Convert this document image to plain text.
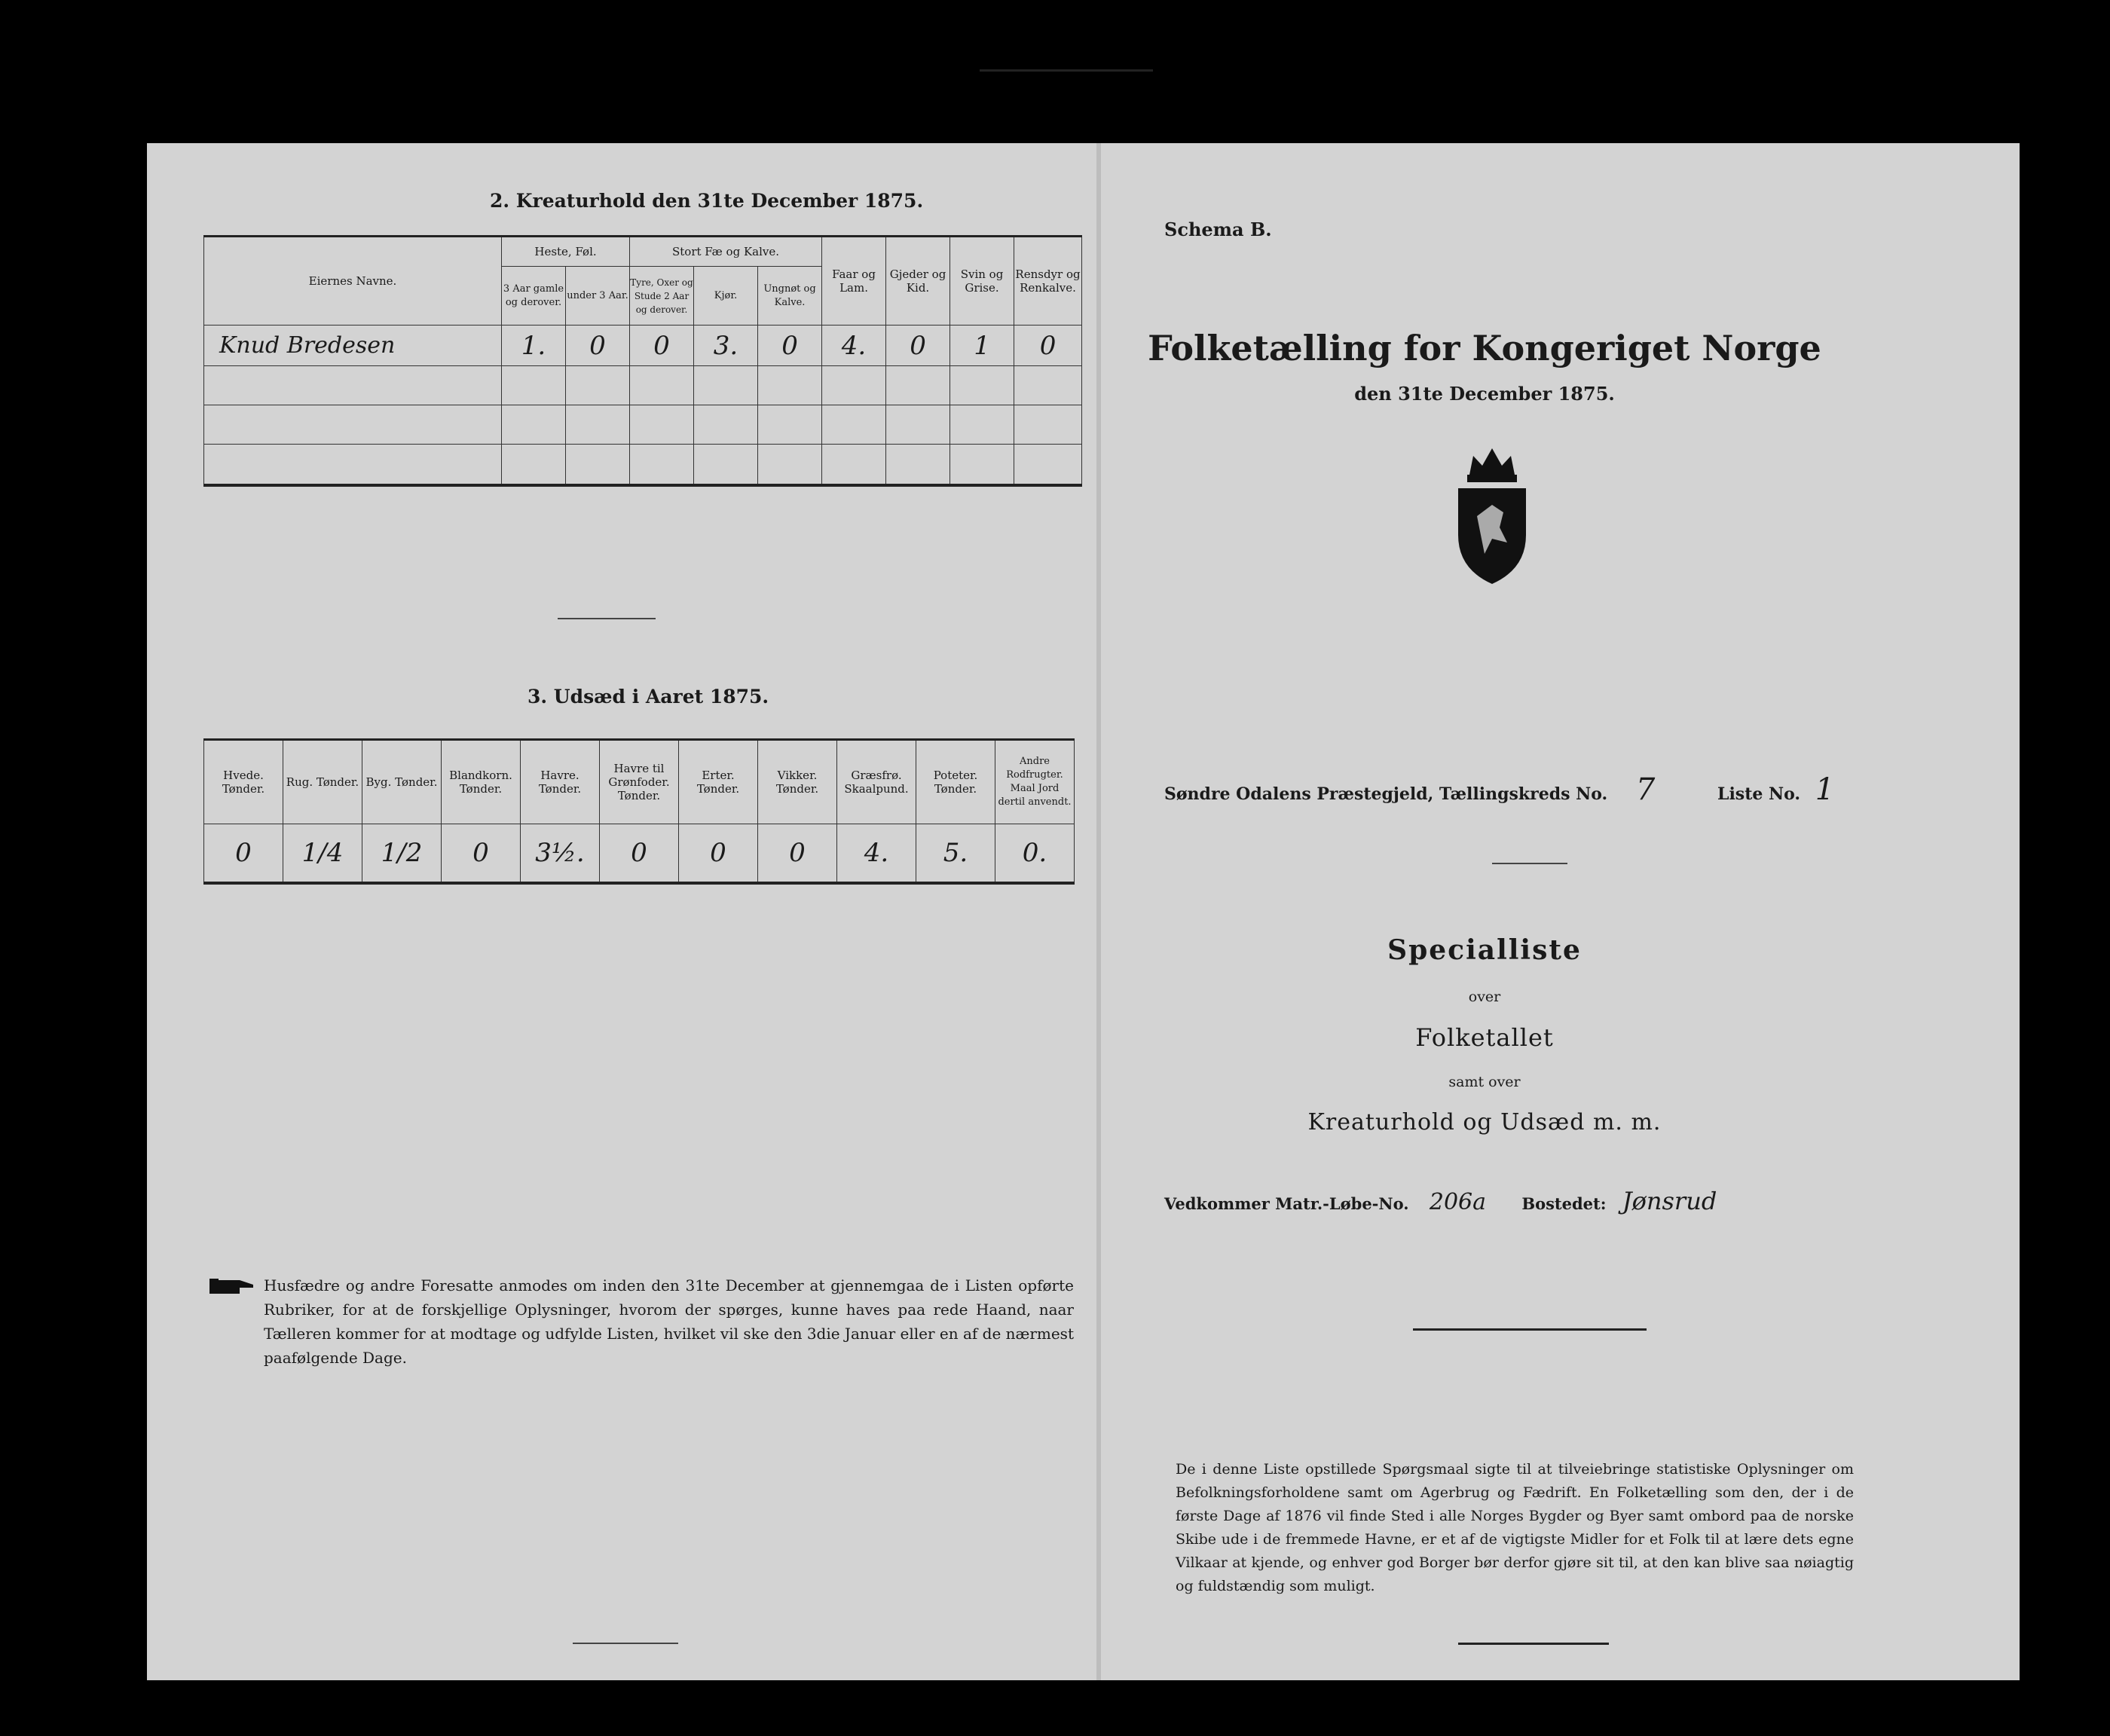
2. Kreaturhold den 31te December 1875.
Eiernes Navne.	Heste, Føl.		Stort Fæ og Kalve.			Faar og Lam.	Gjeder og Kid.	Svin og Grise.	Rensdyr og Renkalve.
	3 Aar gamle og derover.	under 3 Aar.	Tyre, Oxer og Stude 2 Aar og derover.	Kjør.	Ungnøt og Kalve.				
Knud Bredesen	1.	0	0	3.	0	4.	0	1	0

3. Udsæd i Aaret 1875.
Hvede. Tønder.	Rug. Tønder.	Byg. Tønder.	Blandkorn. Tønder.	Havre. Tønder.	Havre til Grønfoder. Tønder.	Erter. Tønder.	Vikker. Tønder.	Græsfrø. Skaalpund.	Poteter. Tønder.	Andre Rodfrugter. Maal Jord dertil anvendt.
0	1/4	1/2	0	3½.	0	0	0	4.	5.	0.
Husfædre og andre Foresatte anmodes om inden den 31te December at gjennemgaa de i Listen opførte Rubriker, for at de forskjellige Oplysninger, hvorom der spørges, kunne haves paa rede Haand, naar Tælleren kommer for at modtage og udfylde Listen, hvilket vil ske den 3die Januar eller en af de nærmest paafølgende Dage.
Schema B.
Folketælling for Kongeriget Norge
den 31te December 1875.
Søndre Odalens Præstegjeld, Tællingskreds No. 7	Liste No. 1
Specialliste
over
Folketallet
samt over
Kreaturhold og Udsæd m. m.
Vedkommer Matr.-Løbe-No. 206a Bostedet: Jønsrud
De i denne Liste opstillede Spørgsmaal sigte til at tilveiebringe statistiske Oplysninger om Befolkningsforholdene samt om Agerbrug og Fædrift. En Folketælling som den, der i de første Dage af 1876 vil finde Sted i alle Norges Bygder og Byer samt ombord paa de norske Skibe ude i de fremmede Havne, er et af de vigtigste Midler for et Folk til at lære dets egne Vilkaar at kjende, og enhver god Borger bør derfor gjøre sit til, at den kan blive saa nøiagtig og fuldstændig som muligt.
